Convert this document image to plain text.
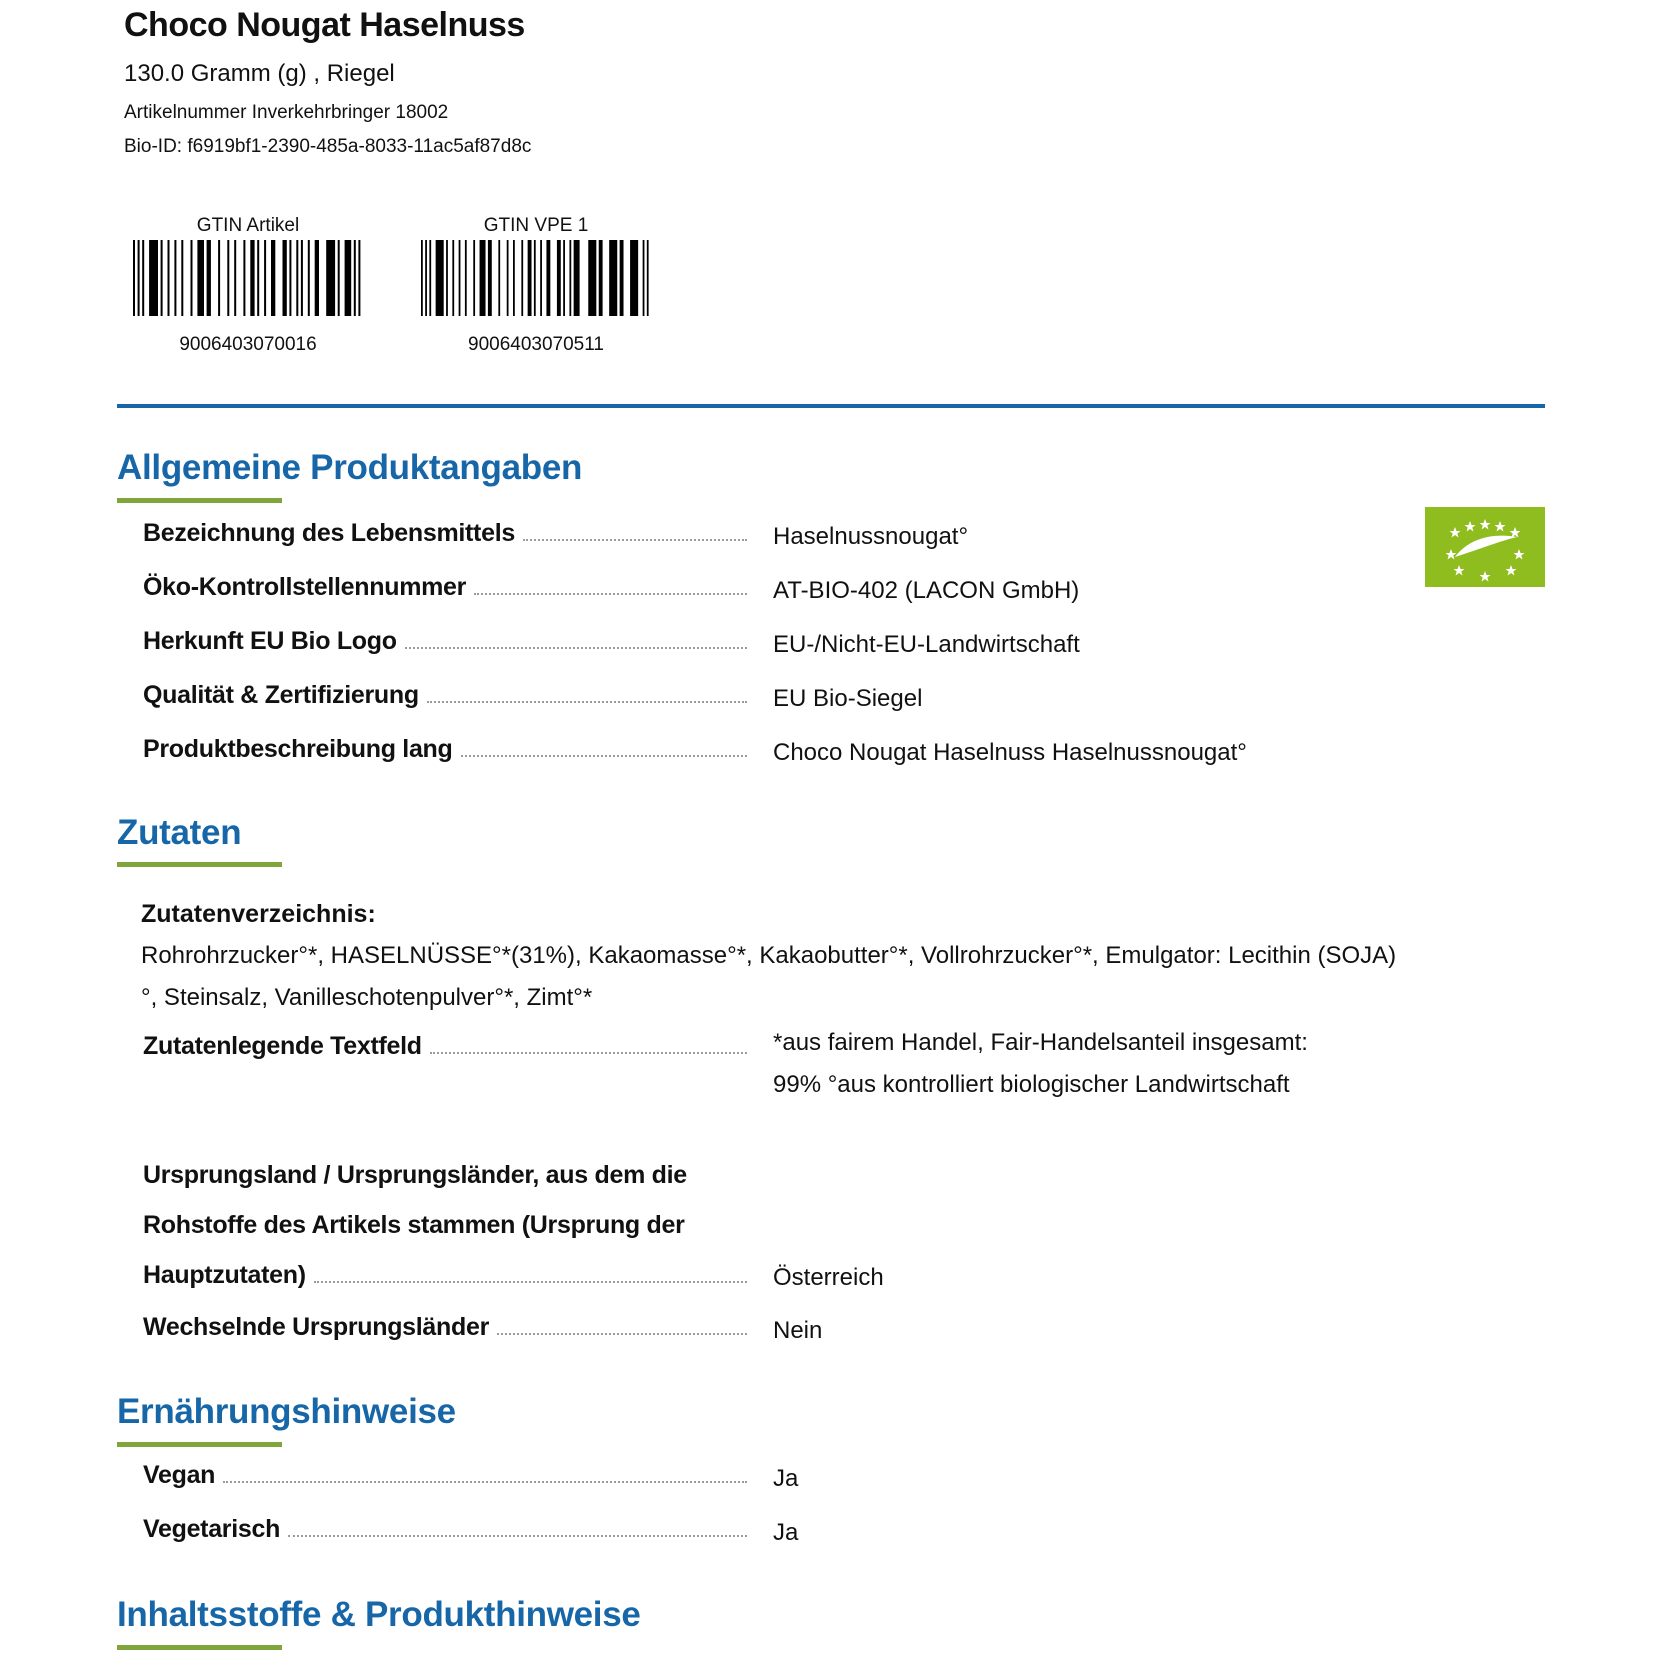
Choco Nougat Haselnuss
130.0 Gramm (g) , Riegel
Artikelnummer Inverkehrbringer 18002
Bio-ID: f6919bf1-2390-485a-8033-11ac5af87d8c
GTIN Artikel
9006403070016
GTIN VPE 1
9006403070511
Allgemeine Produktangaben
Bezeichnung des Lebensmittels	Haselnussnougat°
Öko-Kontrollstellennummer	AT-BIO-402 (LACON GmbH)
Herkunft EU Bio Logo	EU-/Nicht-EU-Landwirtschaft
Qualität & Zertifizierung	EU Bio-Siegel
Produktbeschreibung lang	Choco Nougat Haselnuss Haselnussnougat°
Zutaten
Zutatenverzeichnis:
Rohrohrzucker°*, HASELNÜSSE°*(31%), Kakaomasse°*, Kakaobutter°*, Vollrohrzucker°*, Emulgator: Lecithin (SOJA)°, Steinsalz, Vanilleschotenpulver°*, Zimt°*
Zutatenlegende Textfeld	*aus fairem Handel, Fair-Handelsanteil insgesamt: 99% °aus kontrolliert biologischer Landwirtschaft
Ursprungsland / Ursprungsländer, aus dem die
Rohstoffe des Artikels stammen (Ursprung der
Hauptzutaten)	Österreich
Wechselnde Ursprungsländer	Nein
Ernährungshinweise
Vegan	Ja
Vegetarisch	Ja
Inhaltsstoffe & Produkthinweise
